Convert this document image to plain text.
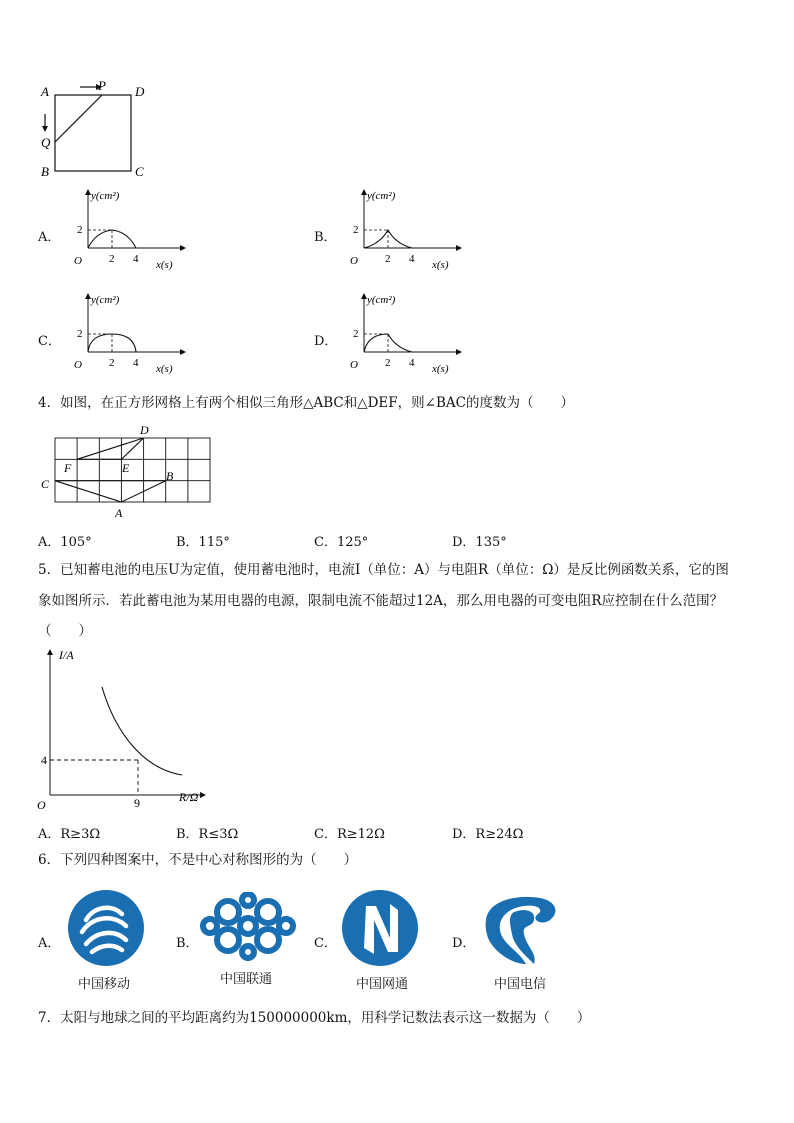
A	P D
Q
B	C
A．	B．
C．	D．
y(cm²)
2
O 2 4 x(s)
y(cm²)
2
O 2 4 x(s)
y(cm²)
2
O 2 4 x(s)
y(cm²)
2
O 2 4 x(s)
4．如图，在正方形网格上有两个相似三角形△ABC和△DEF，则∠BAC的度数为（　　）
D
F	E
B
C
A
A．105°	B．115°	C．125°	D．135°
5．已知蓄电池的电压U为定值，使用蓄电池时，电流I（单位：A）与电阻R（单位：Ω）是反比例函数关系，它的图
象如图所示．若此蓄电池为某用电器的电源，限制电流不能超过12A，那么用电器的可变电阻R应控制在什么范围？
（　　）
I/A
4
O	9	R/Ω
A．R≥3Ω	B．R≤3Ω	C．R≥12Ω	D．R≥24Ω
6．下列四种图案中，不是中心对称图形的为（　　）
A．	B．	C．	D．
中国移动	中国联通	中国网通	中国电信
7．太阳与地球之间的平均距离约为150000000km，用科学记数法表示这一数据为（　　）
